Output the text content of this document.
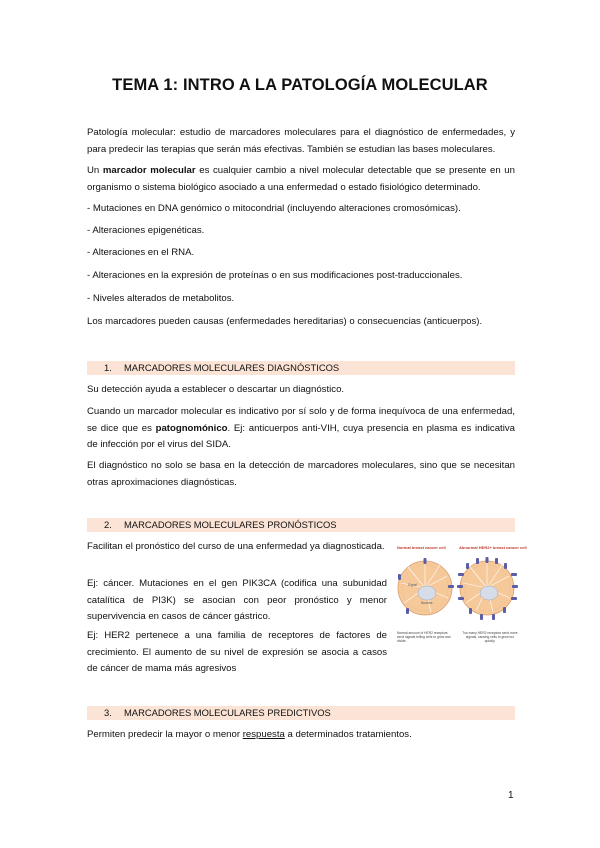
TEMA 1: INTRO A LA PATOLOGÍA MOLECULAR
Patología molecular: estudio de marcadores moleculares para el diagnóstico de enfermedades, y para predecir las terapias que serán más efectivas. También se estudian las bases moleculares.
Un marcador molecular es cualquier cambio a nivel molecular detectable que se presente en un organismo o sistema biológico asociado a una enfermedad o estado fisiológico determinado.
- Mutaciones en DNA genómico o mitocondrial (incluyendo alteraciones cromosómicas).
- Alteraciones epigenéticas.
- Alteraciones en el RNA.
- Alteraciones en la expresión de proteínas o en sus modificaciones post-traduccionales.
- Niveles alterados de metabolitos.
Los marcadores pueden causas (enfermedades hereditarias) o consecuencias (anticuerpos).
1. MARCADORES MOLECULARES DIAGNÓSTICOS
Su detección ayuda a establecer o descartar un diagnóstico.
Cuando un marcador molecular es indicativo por sí solo y de forma inequívoca de una enfermedad, se dice que es patognomónico. Ej: anticuerpos anti-VIH, cuya presencia en plasma es indicativa de infección por el virus del SIDA.
El diagnóstico no solo se basa en la detección de marcadores moleculares, sino que se necesitan otras aproximaciones diagnósticas.
2. MARCADORES MOLECULARES PRONÓSTICOS
Facilitan el pronóstico del curso de una enfermedad ya diagnosticada.
Ej: cáncer. Mutaciones en el gen PIK3CA (codifica una subunidad catalítica de PI3K) se asocian con peor pronóstico y menor supervivencia en casos de cáncer gástrico.
Ej: HER2 pertenece a una familia de receptores de factores de crecimiento. El aumento de su nivel de expresión se asocia a casos de cáncer de mama más agresivos
Normal breast cancer cell	Abnormal HER2+ breast cancer cell
Signal
Nucleus
Normal amount of HER2 receptors send signals telling cells to grow and divide.
Too many HER2 receptors send more signals, causing cells to grow too quickly.
3. MARCADORES MOLECULARES PREDICTIVOS
Permiten predecir la mayor o menor respuesta a determinados tratamientos.
1
